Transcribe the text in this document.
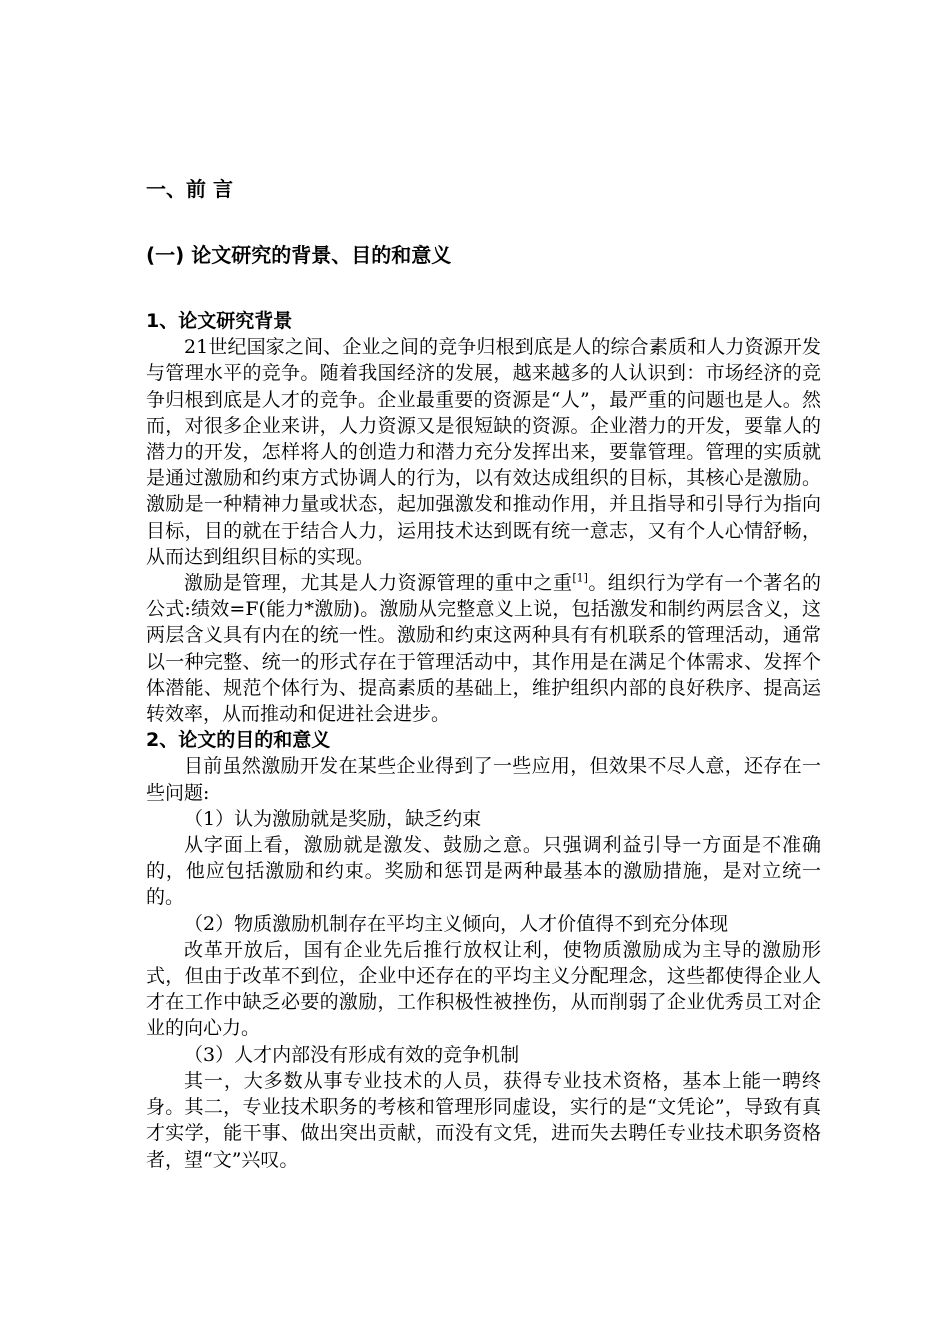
一、前 言
(一) 论文研究的背景、目的和意义
1、论文研究背景

21世纪国家之间、企业之间的竞争归根到底是人的综合素质和人力资源开发与管理水平的竞争。随着我国经济的发展，越来越多的人认识到：市场经济的竞争归根到底是人才的竞争。企业最重要的资源是“人”，最严重的问题也是人。然而，对很多企业来讲，人力资源又是很短缺的资源。企业潜力的开发，要靠人的潜力的开发，怎样将人的创造力和潜力充分发挥出来，要靠管理。管理的实质就是通过激励和约束方式协调人的行为，以有效达成组织的目标，其核心是激励。激励是一种精神力量或状态，起加强激发和推动作用，并且指导和引导行为指向目标，目的就在于结合人力，运用技术达到既有统一意志，又有个人心情舒畅，从而达到组织目标的实现。

激励是管理，尤其是人力资源管理的重中之重[1]。组织行为学有一个著名的公式:绩效=F(能力*激励)。激励从完整意义上说，包括激发和制约两层含义，这两层含义具有内在的统一性。激励和约束这两种具有有机联系的管理活动，通常以一种完整、统一的形式存在于管理活动中，其作用是在满足个体需求、发挥个体潜能、规范个体行为、提高素质的基础上，维护组织内部的良好秩序、提高运转效率，从而推动和促进社会进步。

2、论文的目的和意义

目前虽然激励开发在某些企业得到了一些应用，但效果不尽人意，还存在一些问题:

（1）认为激励就是奖励，缺乏约束

从字面上看，激励就是激发、鼓励之意。只强调利益引导一方面是不准确的，他应包括激励和约束。奖励和惩罚是两种最基本的激励措施，是对立统一的。

（2）物质激励机制存在平均主义倾向，人才价值得不到充分体现

改革开放后，国有企业先后推行放权让利，使物质激励成为主导的激励形式，但由于改革不到位，企业中还存在的平均主义分配理念，这些都使得企业人才在工作中缺乏必要的激励，工作积极性被挫伤，从而削弱了企业优秀员工对企业的向心力。

（3）人才内部没有形成有效的竞争机制

其一，大多数从事专业技术的人员，获得专业技术资格，基本上能一聘终身。其二，专业技术职务的考核和管理形同虚设，实行的是“文凭论”，导致有真才实学，能干事、做出突出贡献，而没有文凭，进而失去聘任专业技术职务资格者，望“文”兴叹。
